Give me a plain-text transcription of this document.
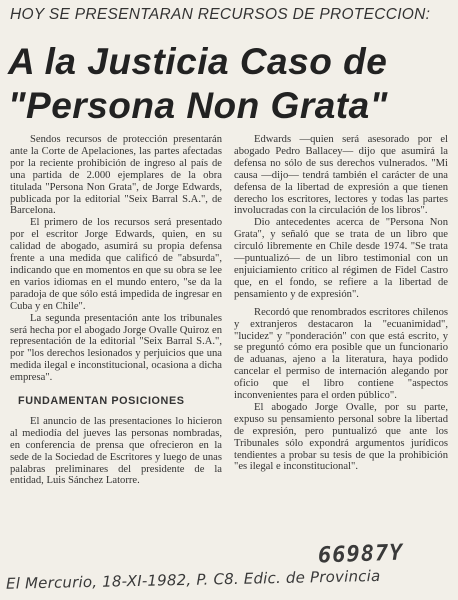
HOY SE PRESENTARAN RECURSOS DE PROTECCION:
A la Justicia Caso de
"Persona Non Grata"

Sendos recursos de protección presentarán ante la Corte de Apelaciones, las partes afectadas por la reciente prohibición de ingreso al país de una partida de 2.000 ejemplares de la obra titulada "Persona Non Grata", de Jorge Edwards, publicada por la editorial "Seix Barral S.A.", de Barcelona.

El primero de los recursos será presentado por el escritor Jorge Edwards, quien, en su calidad de abogado, asumirá su propia defensa frente a una medida que calificó de "absurda", indicando que en momentos en que su obra se lee en varios idiomas en el mundo entero, "se da la paradoja de que sólo está impedida de ingresar en Cuba y en Chile".

La segunda presentación ante los tribunales será hecha por el abogado Jorge Ovalle Quiroz en representación de la editorial "Seix Barral S.A.", por "los derechos lesionados y perjuicios que una medida ilegal e inconstitucional, ocasiona a dicha empresa".

FUNDAMENTAN POSICIONES

El anuncio de las presentaciones lo hicieron al mediodía del jueves las personas nombradas, en conferencia de prensa que ofrecieron en la sede de la Sociedad de Escritores y luego de unas palabras preliminares del presidente de la entidad, Luis Sánchez Latorre.

Edwards —quien será asesorado por el abogado Pedro Ballacey— dijo que asumirá la defensa no sólo de sus derechos vulnerados. "Mi causa —dijo— tendrá también el carácter de una defensa de la libertad de expresión a que tienen derecho los escritores, lectores y todas las partes involucradas con la circulación de los libros".

Dio antecedentes acerca de "Persona Non Grata", y señaló que se trata de un libro que circuló libremente en Chile desde 1974. "Se trata —puntualizó— de un libro testimonial con un enjuiciamiento crítico al régimen de Fidel Castro que, en el fondo, se refiere a la libertad de pensamiento y de expresión".

Recordó que renombrados escritores chilenos y extranjeros destacaron la "ecuanimidad", "lucidez" y "ponderación" con que está escrito, y se preguntó cómo era posible que un funcionario de aduanas, ajeno a la literatura, haya podido cancelar el permiso de internación alegando por oficio que el libro contiene "aspectos inconvenientes para el orden público".

El abogado Jorge Ovalle, por su parte, expuso su pensamiento personal sobre la libertad de expresión, pero puntualizó que ante los Tribunales sólo expondrá argumentos jurídicos tendientes a probar su tesis de que la prohibición "es ilegal e inconstitucional".

66987Y
El Mercurio, 18-XI-1982, P. C8. Edic. de Provincia
